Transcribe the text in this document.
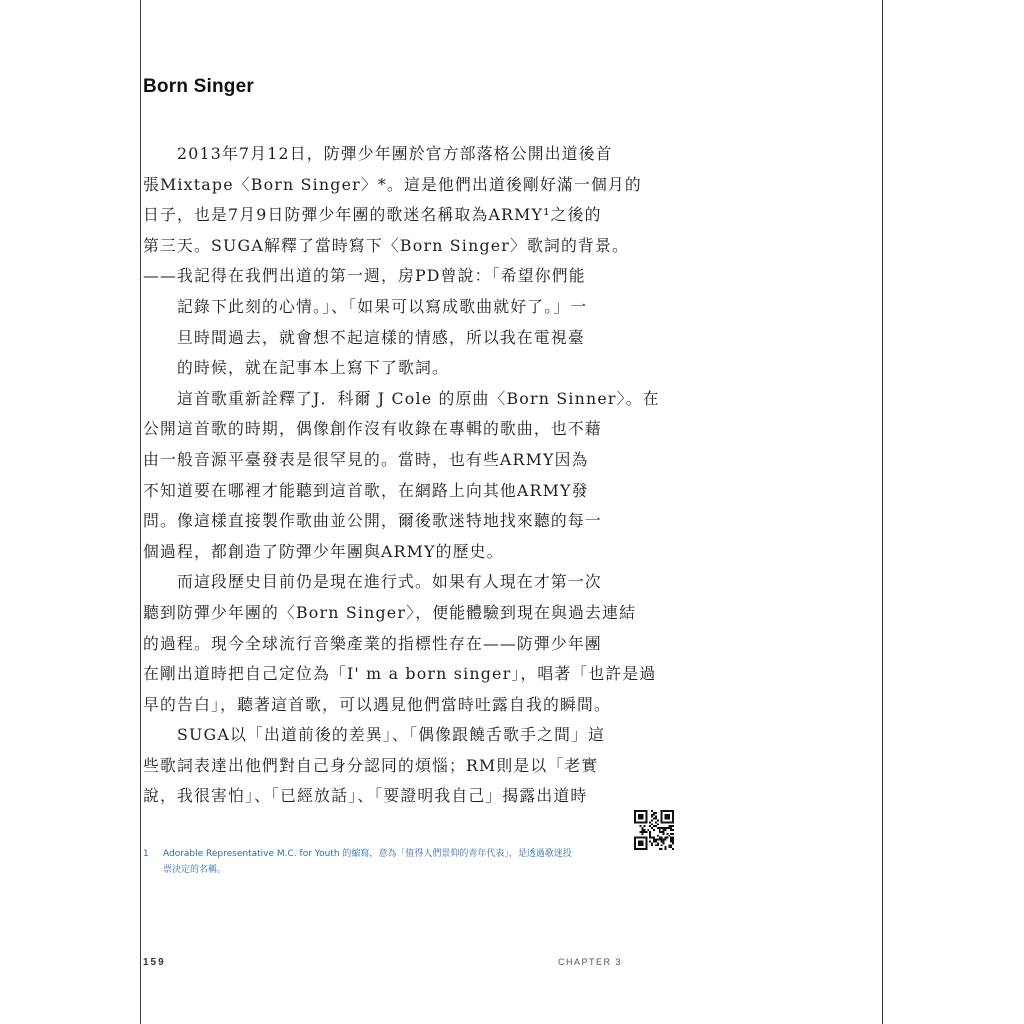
Born Singer
　　2013年7月12日，防彈少年團於官方部落格公開出道後首
張Mixtape〈Born Singer〉*。這是他們出道後剛好滿一個月的
日子，也是7月9日防彈少年團的歌迷名稱取為ARMY¹之後的
第三天。SUGA解釋了當時寫下〈Born Singer〉歌詞的背景。
——我記得在我們出道的第一週，房PD曾說：「希望你們能
　　記錄下此刻的心情。」、「如果可以寫成歌曲就好了。」一
　　旦時間過去，就會想不起這樣的情感，所以我在電視臺
　　的時候，就在記事本上寫下了歌詞。
　　這首歌重新詮釋了J．科爾 J Cole 的原曲〈Born Sinner〉。在
公開這首歌的時期，偶像創作沒有收錄在專輯的歌曲，也不藉
由一般音源平臺發表是很罕見的。當時，也有些ARMY因為
不知道要在哪裡才能聽到這首歌，在網路上向其他ARMY發
問。像這樣直接製作歌曲並公開，爾後歌迷特地找來聽的每一
個過程，都創造了防彈少年團與ARMY的歷史。
　　而這段歷史目前仍是現在進行式。如果有人現在才第一次
聽到防彈少年團的〈Born Singer〉，便能體驗到現在與過去連結
的過程。現今全球流行音樂產業的指標性存在——防彈少年團
在剛出道時把自己定位為「I' m a born singer」，唱著「也許是過
早的告白」，聽著這首歌，可以遇見他們當時吐露自我的瞬間。
　　SUGA以「出道前後的差異」、「偶像跟饒舌歌手之間」這
些歌詞表達出他們對自己身分認同的煩惱；RM則是以「老實
說，我很害怕」、「已經放話」、「要證明我自己」揭露出道時
1	Adorable Representative M.C. for Youth 的縮寫，意為「值得人們景仰的青年代表」，是透過歌迷投
票決定的名稱。
159	CHAPTER 3
